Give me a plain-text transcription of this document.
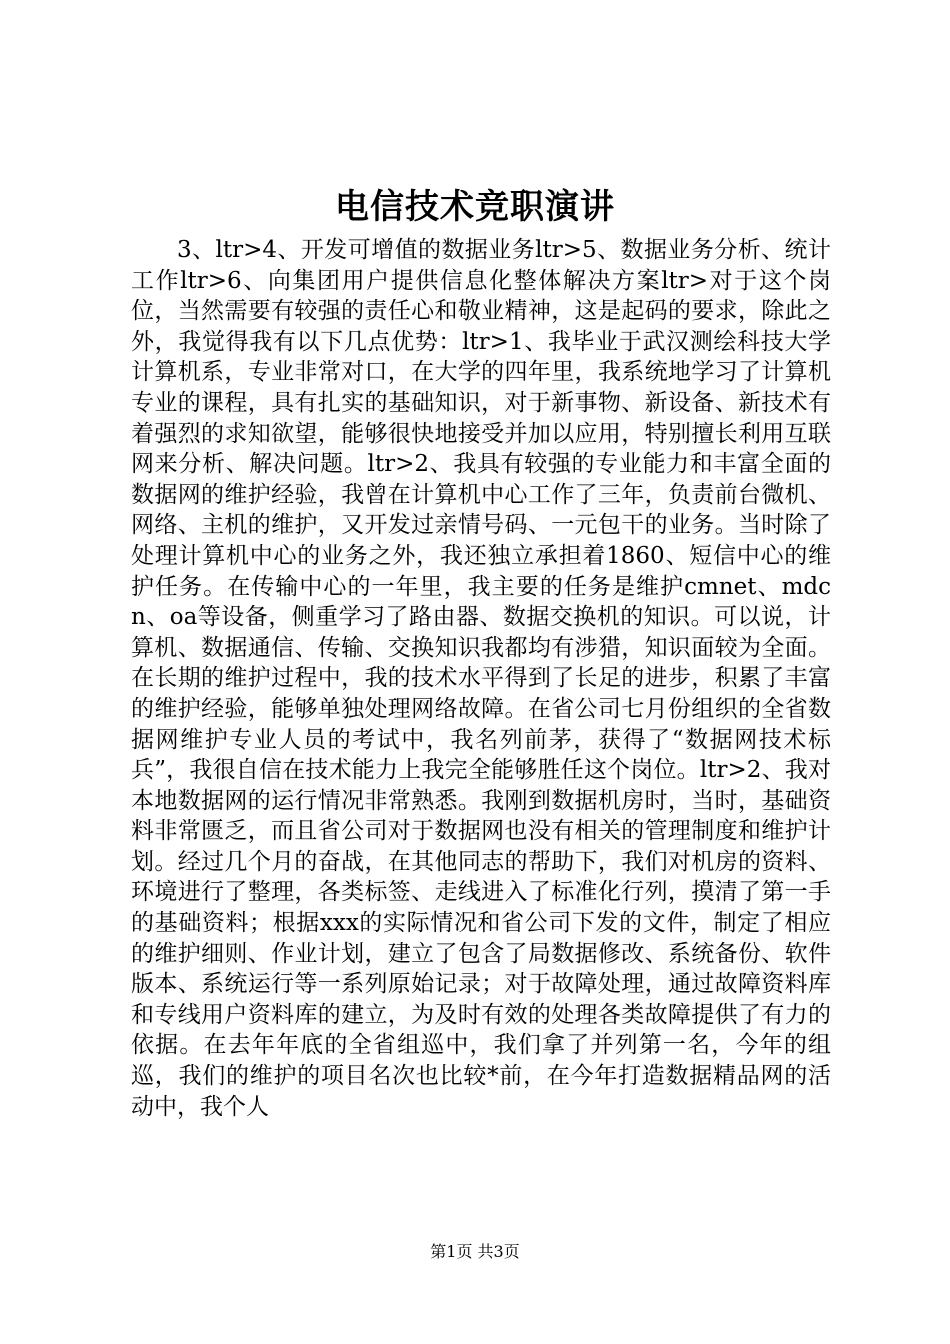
电信技术竞职演讲

3、ltr>4、开发可增值的数据业务ltr>5、数据业务分析、统计工作ltr>6、向集团用户提供信息化整体解决方案ltr>对于这个岗位，当然需要有较强的责任心和敬业精神，这是起码的要求，除此之外，我觉得我有以下几点优势：ltr>1、我毕业于武汉测绘科技大学计算机系，专业非常对口，在大学的四年里，我系统地学习了计算机专业的课程，具有扎实的基础知识，对于新事物、新设备、新技术有着强烈的求知欲望，能够很快地接受并加以应用，特别擅长利用互联网来分析、解决问题。ltr>2、我具有较强的专业能力和丰富全面的数据网的维护经验，我曾在计算机中心工作了三年，负责前台微机、网络、主机的维护，又开发过亲情号码、一元包干的业务。当时除了处理计算机中心的业务之外，我还独立承担着1860、短信中心的维护任务。在传输中心的一年里，我主要的任务是维护cmnet、mdcn、oa等设备，侧重学习了路由器、数据交换机的知识。可以说，计算机、数据通信、传输、交换知识我都均有涉猎，知识面较为全面。在长期的维护过程中，我的技术水平得到了长足的进步，积累了丰富的维护经验，能够单独处理网络故障。在省公司七月份组织的全省数据网维护专业人员的考试中，我名列前茅，获得了“数据网技术标兵”，我很自信在技术能力上我完全能够胜任这个岗位。ltr>2、我对本地数据网的运行情况非常熟悉。我刚到数据机房时，当时，基础资料非常匮乏，而且省公司对于数据网也没有相关的管理制度和维护计划。经过几个月的奋战，在其他同志的帮助下，我们对机房的资料、环境进行了整理，各类标签、走线进入了标准化行列，摸清了第一手的基础资料；根据xxx的实际情况和省公司下发的文件，制定了相应的维护细则、作业计划，建立了包含了局数据修改、系统备份、软件版本、系统运行等一系列原始记录；对于故障处理，通过故障资料库和专线用户资料库的建立，为及时有效的处理各类故障提供了有力的依据。在去年年底的全省组巡中，我们拿了并列第一名，今年的组巡，我们的维护的项目名次也比较*前，在今年打造数据精品网的活动中，我个人

第1页 共3页
